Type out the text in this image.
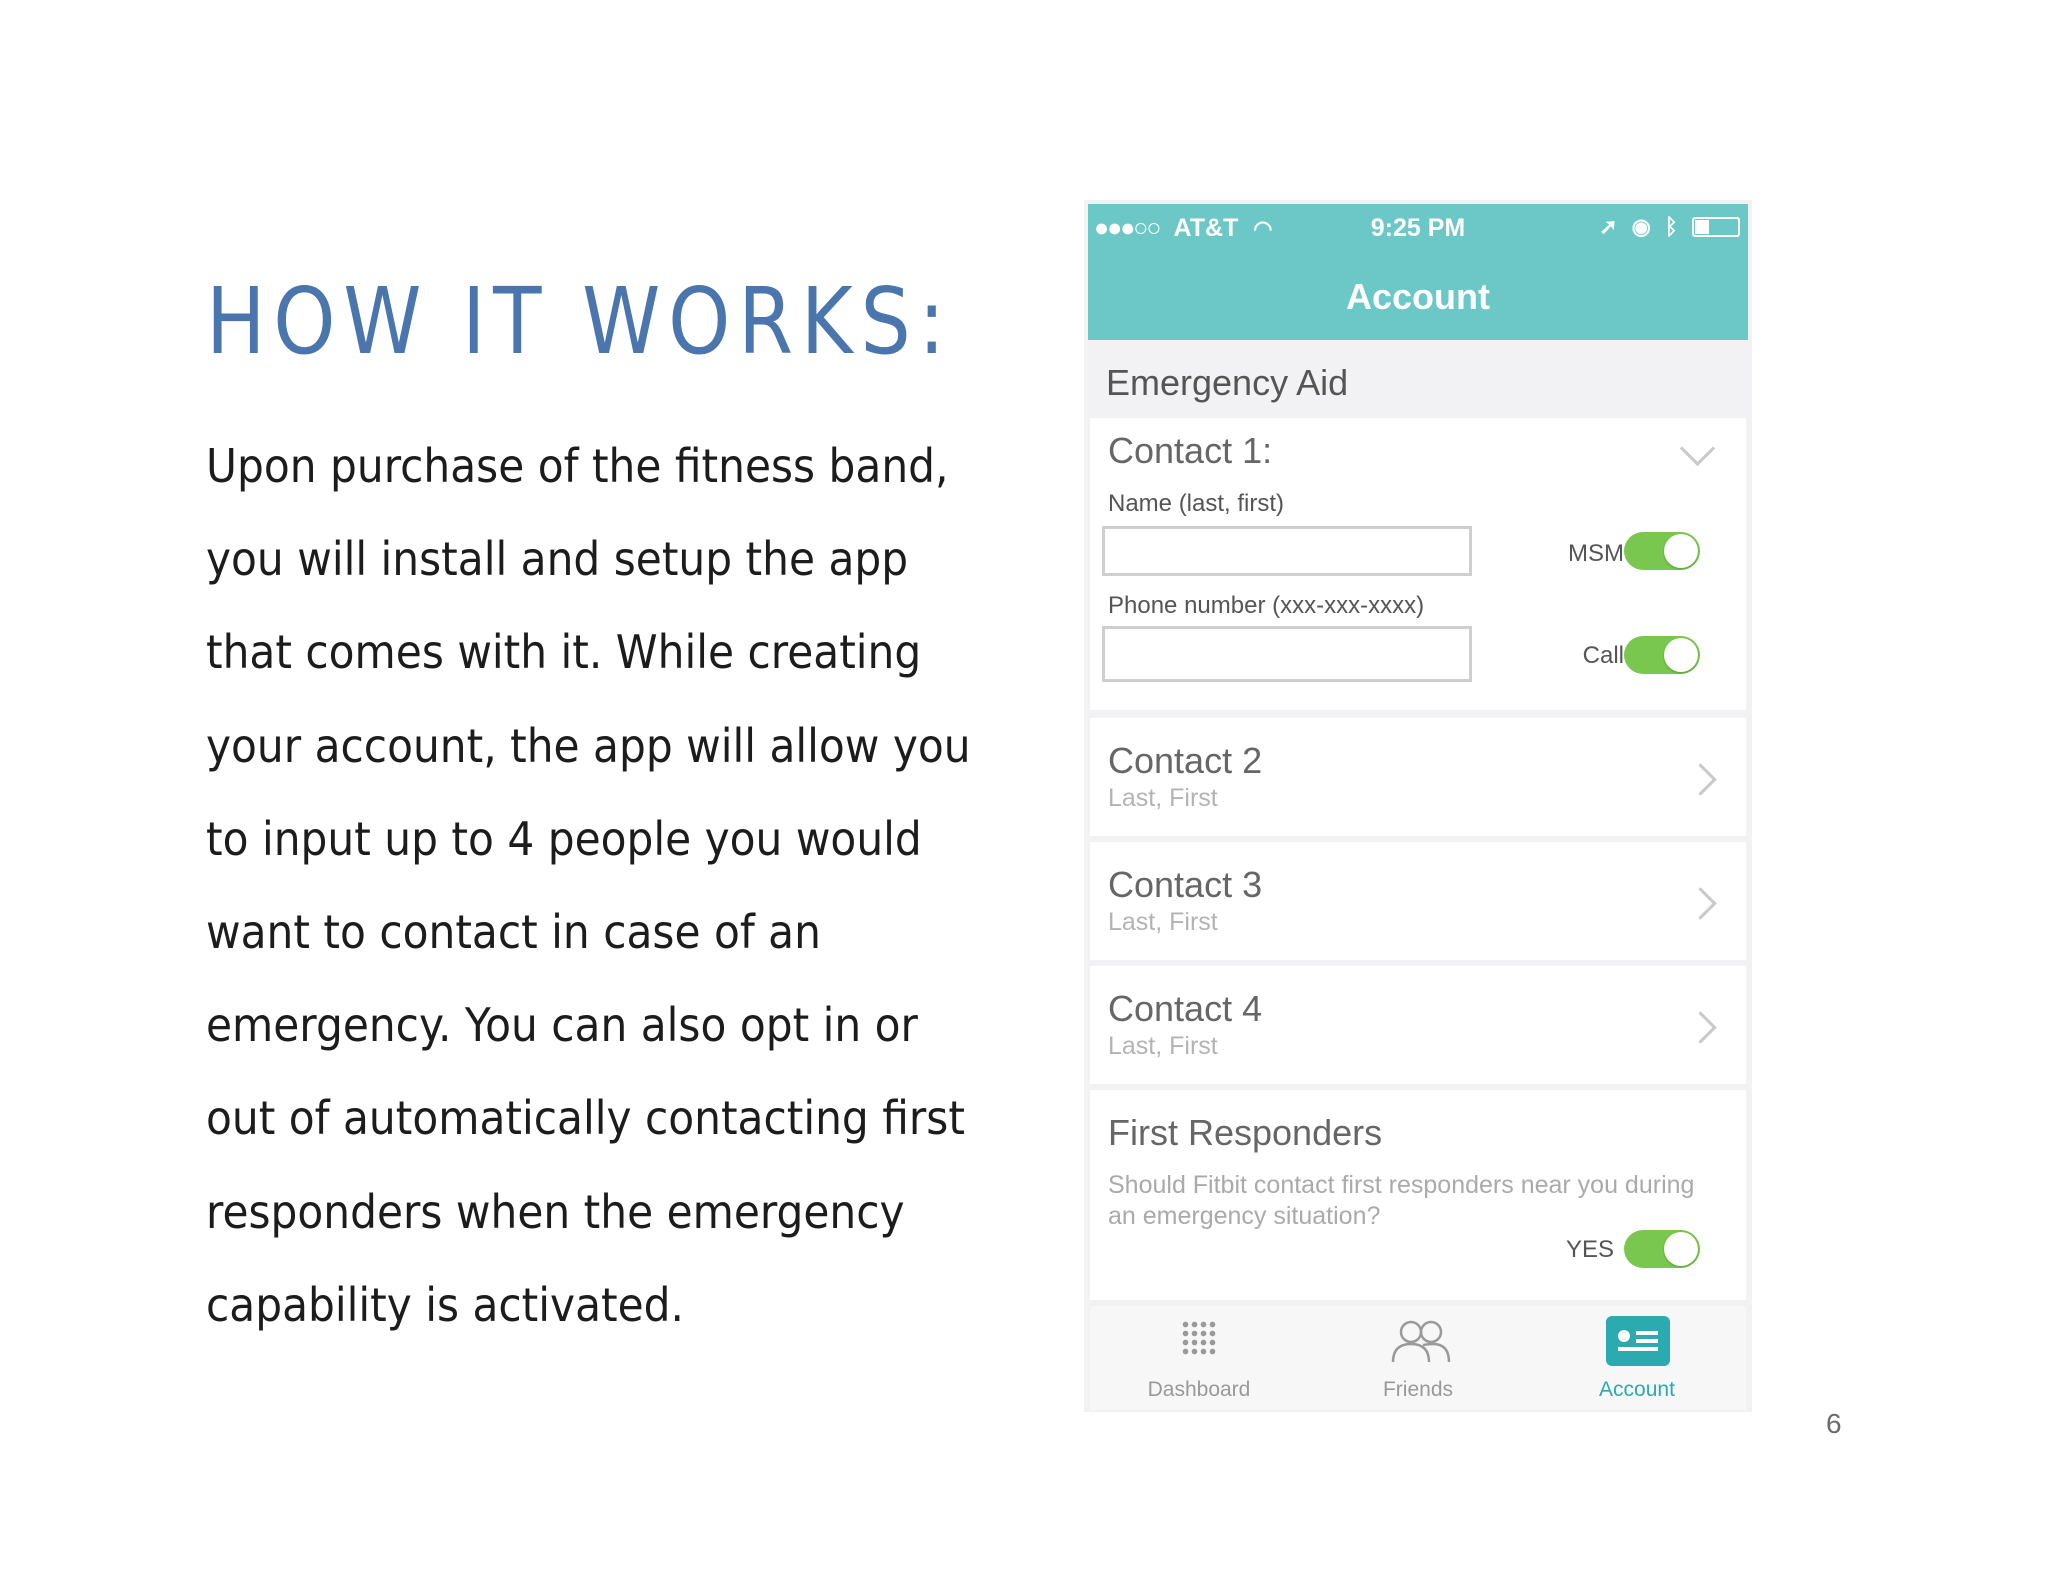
HOW IT WORKS:
Upon purchase of the fitness band,
you will install and setup the app
that comes with it. While creating
your account, the app will allow you
to input up to 4 people you would
want to contact in case of an
emergency. You can also opt in or
out of automatically contacting first
responders when the emergency
capability is activated.
6
●●●○○ AT&T ◠	9:25 PM	➚ ◉ ᛒ
Account
Emergency Aid
Contact 1:
Name (last, first)
MSM
Phone number (xxx-xxx-xxxx)
Call
Contact 2
Last, First
Contact 3
Last, First
Contact 4
Last, First
First Responders
Should Fitbit contact first responders near you during an emergency situation?
YES
Dashboard	Friends	Account
